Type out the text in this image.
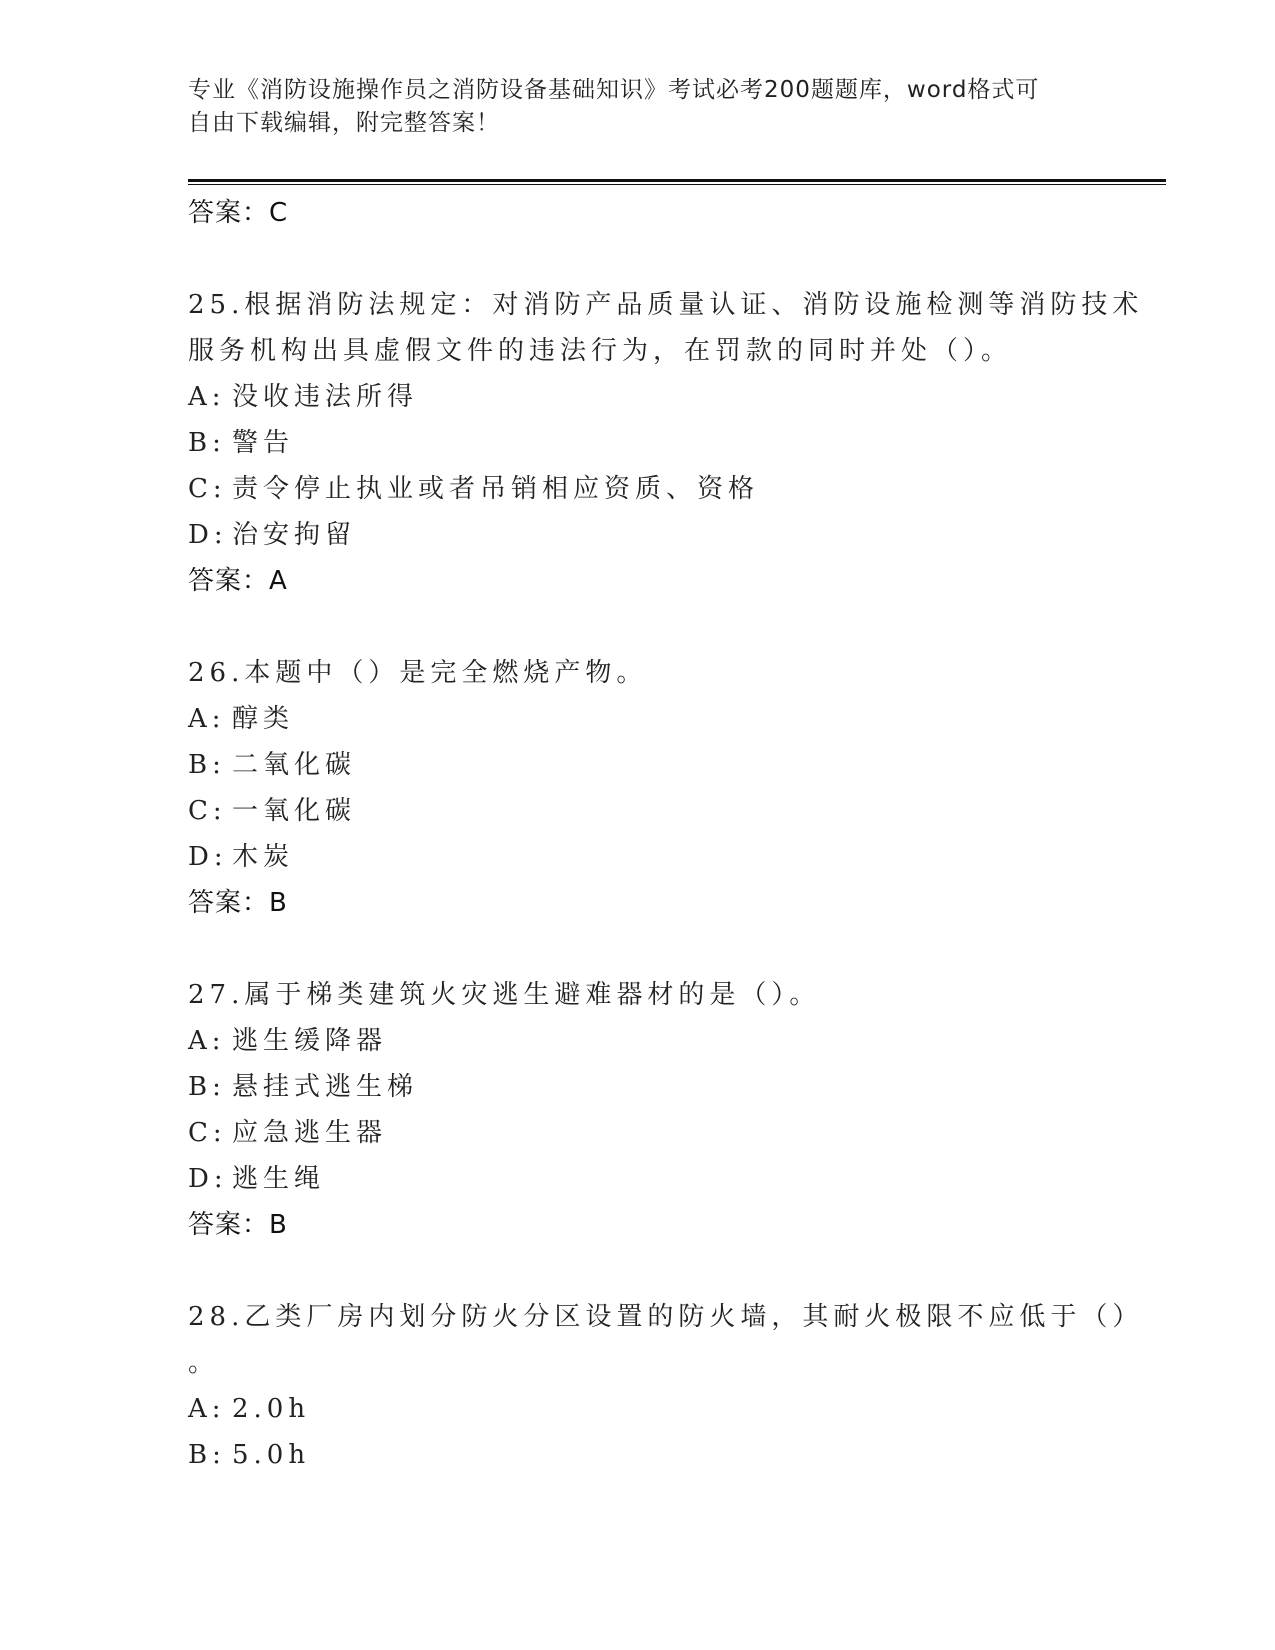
专业《消防设施操作员之消防设备基础知识》考试必考200题题库，word格式可
自由下载编辑，附完整答案！
答案：C
25.根据消防法规定：对消防产品质量认证、消防设施检测等消防技术
服务机构出具虚假文件的违法行为，在罚款的同时并处（）。
A: 没收违法所得
B: 警告
C: 责令停止执业或者吊销相应资质、资格
D: 治安拘留
答案：A
26.本题中（）是完全燃烧产物。
A: 醇类
B: 二氧化碳
C: 一氧化碳
D: 木炭
答案：B
27.属于梯类建筑火灾逃生避难器材的是（）。
A: 逃生缓降器
B: 悬挂式逃生梯
C: 应急逃生器
D: 逃生绳
答案：B
28.乙类厂房内划分防火分区设置的防火墙，其耐火极限不应低于（）
。
A: 2.0h
B: 5.0h
